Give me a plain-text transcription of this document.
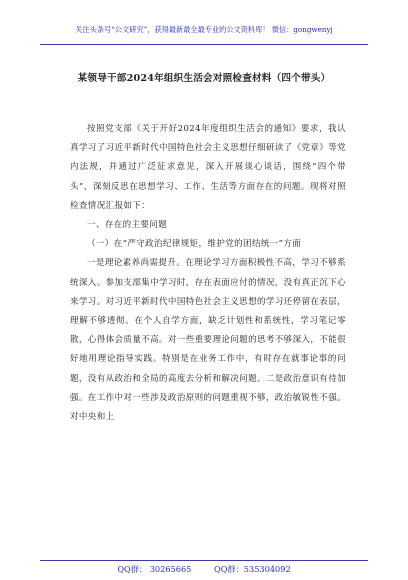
关注头条号“公文研究”，获得最新最全最专业的公文资料库！ 微信：gongwenyj
某领导干部2024年组织生活会对照检查材料（四个带头）

按照党支部《关于开好2024年度组织生活会的通知》要求，我认真学习了习近平新时代中国特色社会主义思想仔细研读了《党章》等党内法规，并通过广泛征求意见，深入开展谈心谈话，围绕“四个带头”，深刻反思在思想学习、工作、生活等方面存在的问题。现将对照检查情况汇报如下：

一、存在的主要问题

（一）在“严守政治纪律规矩，维护党的团结统一”方面

一是理论素养尚需提升。在理论学习方面积极性不高，学习不够系统深入。参加支部集中学习时，存在表面应付的情况，没有真正沉下心来学习。对习近平新时代中国特色社会主义思想的学习还停留在表层，理解不够透彻。在个人自学方面，缺乏计划性和系统性，学习笔记零散，心得体会质量不高。对一些重要理论问题的思考不够深入，不能很好地用理论指导实践。特别是在业务工作中，有时存在就事论事的问题，没有从政治和全局的高度去分析和解决问题。二是政治意识有待加强。在工作中对一些涉及政治原则的问题重视不够，政治敏锐性不强。对中央和上

QQ群： 30265665	QQ群：535304092
